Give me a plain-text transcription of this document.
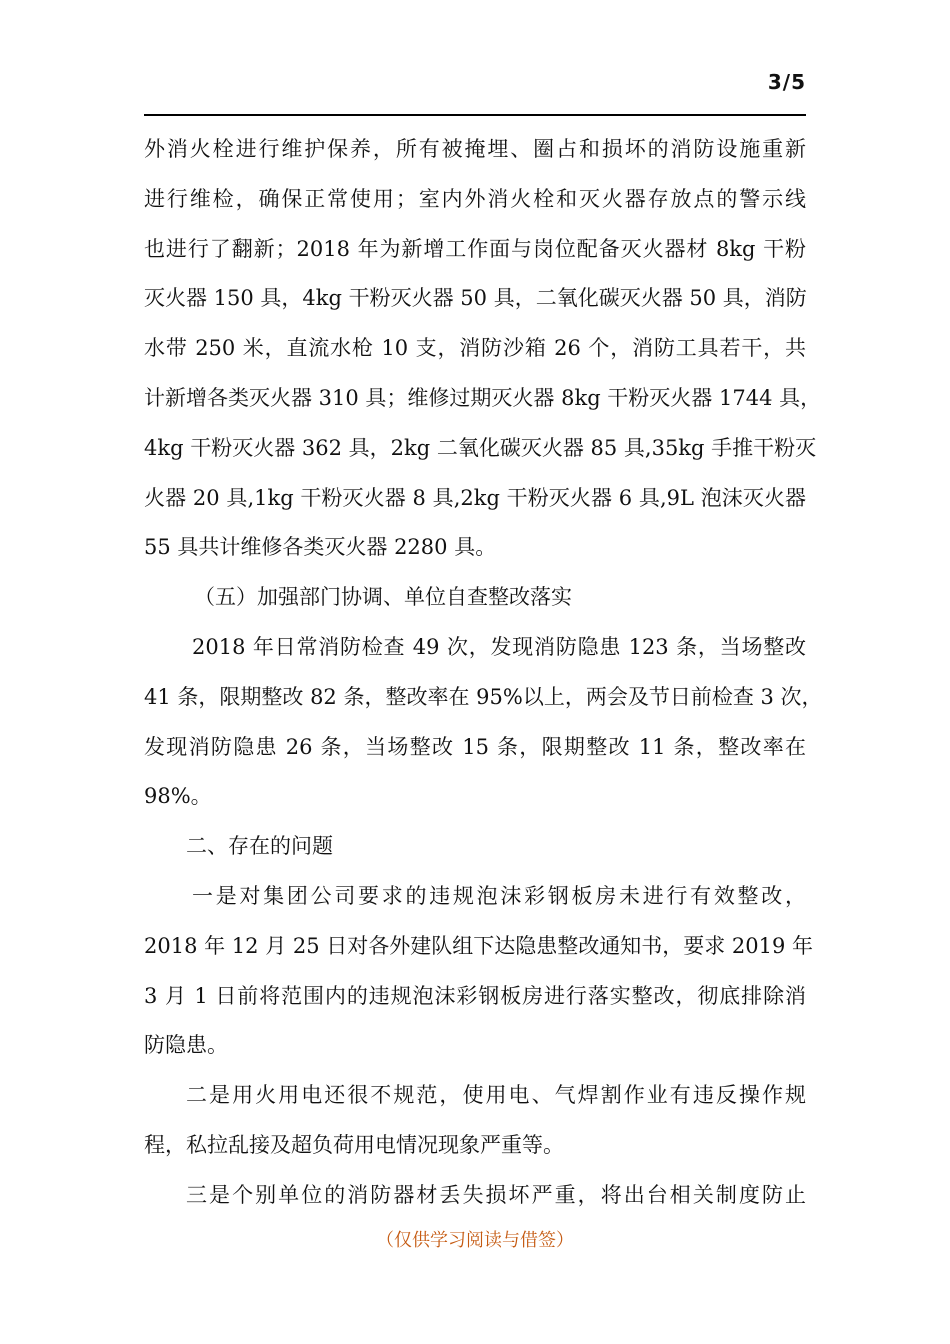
3/5
外消火栓进行维护保养，所有被掩埋、圈占和损坏的消防设施重新
进行维检，确保正常使用；室内外消火栓和灭火器存放点的警示线
也进行了翻新；2018 年为新增工作面与岗位配备灭火器材 8kg 干粉
灭火器 150 具，4kg 干粉灭火器 50 具，二氧化碳灭火器 50 具，消防
水带 250 米，直流水枪 10 支，消防沙箱 26 个，消防工具若干，共
计新增各类灭火器 310 具；维修过期灭火器 8kg 干粉灭火器 1744 具，
4kg 干粉灭火器 362 具，2kg 二氧化碳灭火器 85 具,35kg 手推干粉灭
火器 20 具,1kg 干粉灭火器 8 具,2kg 干粉灭火器 6 具,9L 泡沫灭火器
55 具共计维修各类灭火器 2280 具。
（五）加强部门协调、单位自查整改落实
2018 年日常消防检查 49 次，发现消防隐患 123 条，当场整改
41 条，限期整改 82 条，整改率在 95%以上，两会及节日前检查 3 次，
发现消防隐患 26 条，当场整改 15 条，限期整改 11 条，整改率在
98%。
二、存在的问题
一是对集团公司要求的违规泡沫彩钢板房未进行有效整改，
2018 年 12 月 25 日对各外建队组下达隐患整改通知书，要求 2019 年
3 月 1 日前将范围内的违规泡沫彩钢板房进行落实整改，彻底排除消
防隐患。
二是用火用电还很不规范，使用电、气焊割作业有违反操作规
程，私拉乱接及超负荷用电情况现象严重等。
三是个别单位的消防器材丢失损坏严重，将出台相关制度防止
（仅供学习阅读与借签）
